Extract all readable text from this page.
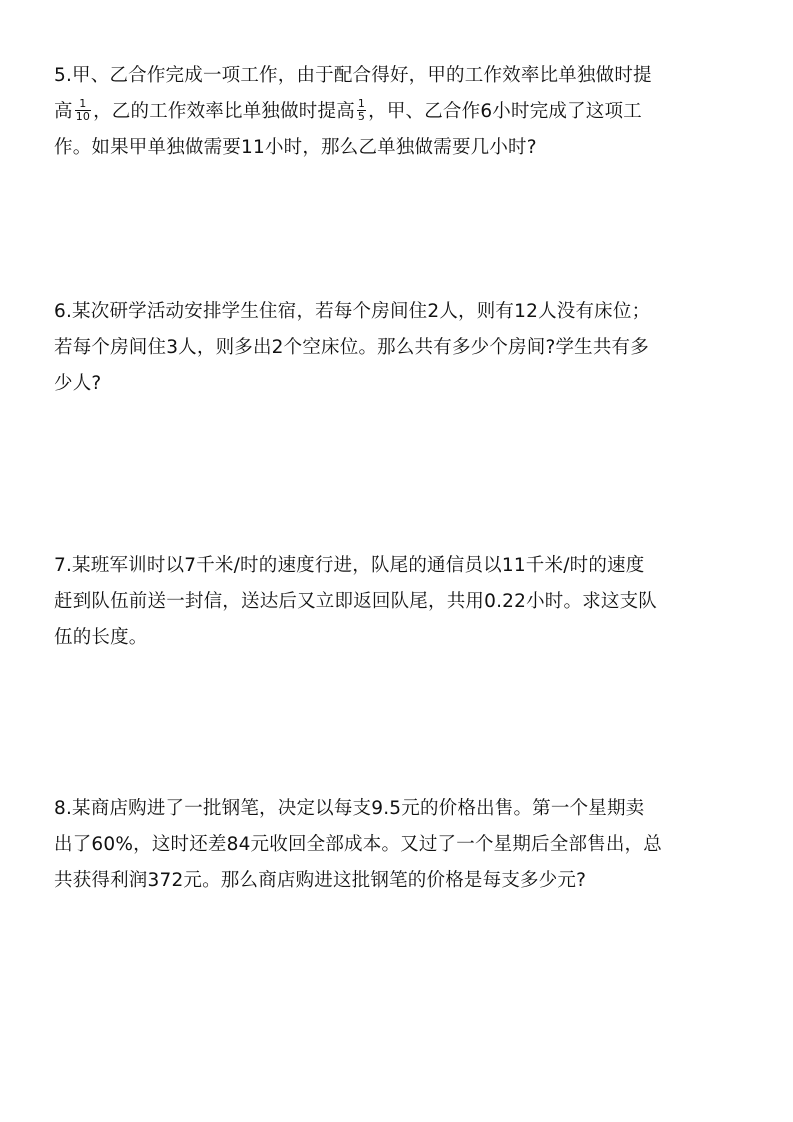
5.甲、乙合作完成一项工作，由于配合得好，甲的工作效率比单独做时提
高 $\frac{1}{10}$ ，乙的工作效率比单独做时提高 $\frac{1}{5}$ ，甲、乙合作6小时完成了这项工
作。如果甲单独做需要11小时，那么乙单独做需要几小时?
6.某次研学活动安排学生住宿，若每个房间住2人，则有12人没有床位；
若每个房间住3人，则多出2个空床位。那么共有多少个房间?学生共有多
少人?
7.某班军训时以7千米/时的速度行进，队尾的通信员以11千米/时的速度
赶到队伍前送一封信，送达后又立即返回队尾，共用0.22小时。求这支队
伍的长度。
8.某商店购进了一批钢笔，决定以每支9.5元的价格出售。第一个星期卖
出了60%，这时还差84元收回全部成本。又过了一个星期后全部售出，总
共获得利润372元。那么商店购进这批钢笔的价格是每支多少元?
